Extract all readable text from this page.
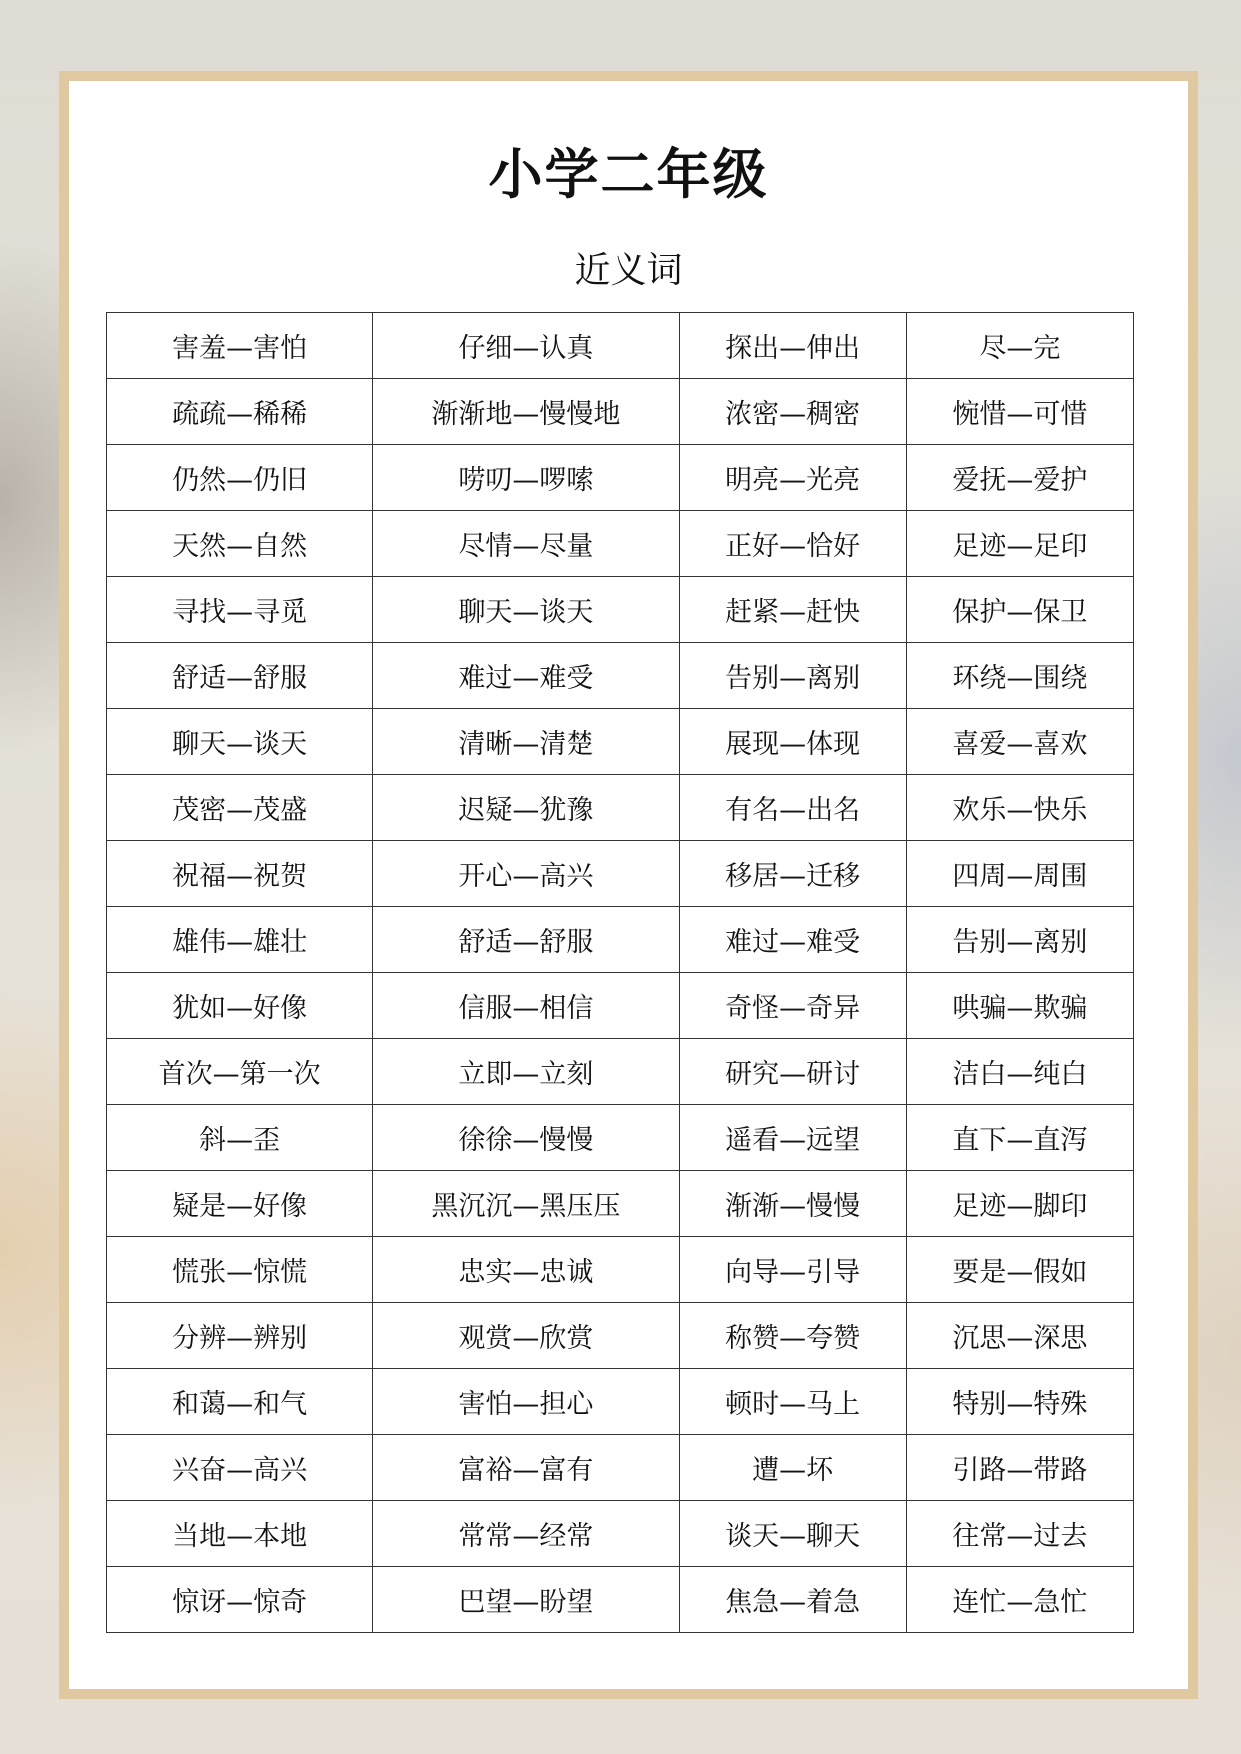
小学二年级
近义词
害羞—害怕	仔细—认真	探出—伸出	尽—完
疏疏—稀稀	渐渐地—慢慢地	浓密—稠密	惋惜—可惜
仍然—仍旧	唠叨—啰嗦	明亮—光亮	爱抚—爱护
天然—自然	尽情—尽量	正好—恰好	足迹—足印
寻找—寻觅	聊天—谈天	赶紧—赶快	保护—保卫
舒适—舒服	难过—难受	告别—离别	环绕—围绕
聊天—谈天	清晰—清楚	展现—体现	喜爱—喜欢
茂密—茂盛	迟疑—犹豫	有名—出名	欢乐—快乐
祝福—祝贺	开心—高兴	移居—迁移	四周—周围
雄伟—雄壮	舒适—舒服	难过—难受	告别—离别
犹如—好像	信服—相信	奇怪—奇异	哄骗—欺骗
首次—第一次	立即—立刻	研究—研讨	洁白—纯白
斜—歪	徐徐—慢慢	遥看—远望	直下—直泻
疑是—好像	黑沉沉—黑压压	渐渐—慢慢	足迹—脚印
慌张—惊慌	忠实—忠诚	向导—引导	要是—假如
分辨—辨别	观赏—欣赏	称赞—夸赞	沉思—深思
和蔼—和气	害怕—担心	顿时—马上	特别—特殊
兴奋—高兴	富裕—富有	遭—坏	引路—带路
当地—本地	常常—经常	谈天—聊天	往常—过去
惊讶—惊奇	巴望—盼望	焦急—着急	连忙—急忙
